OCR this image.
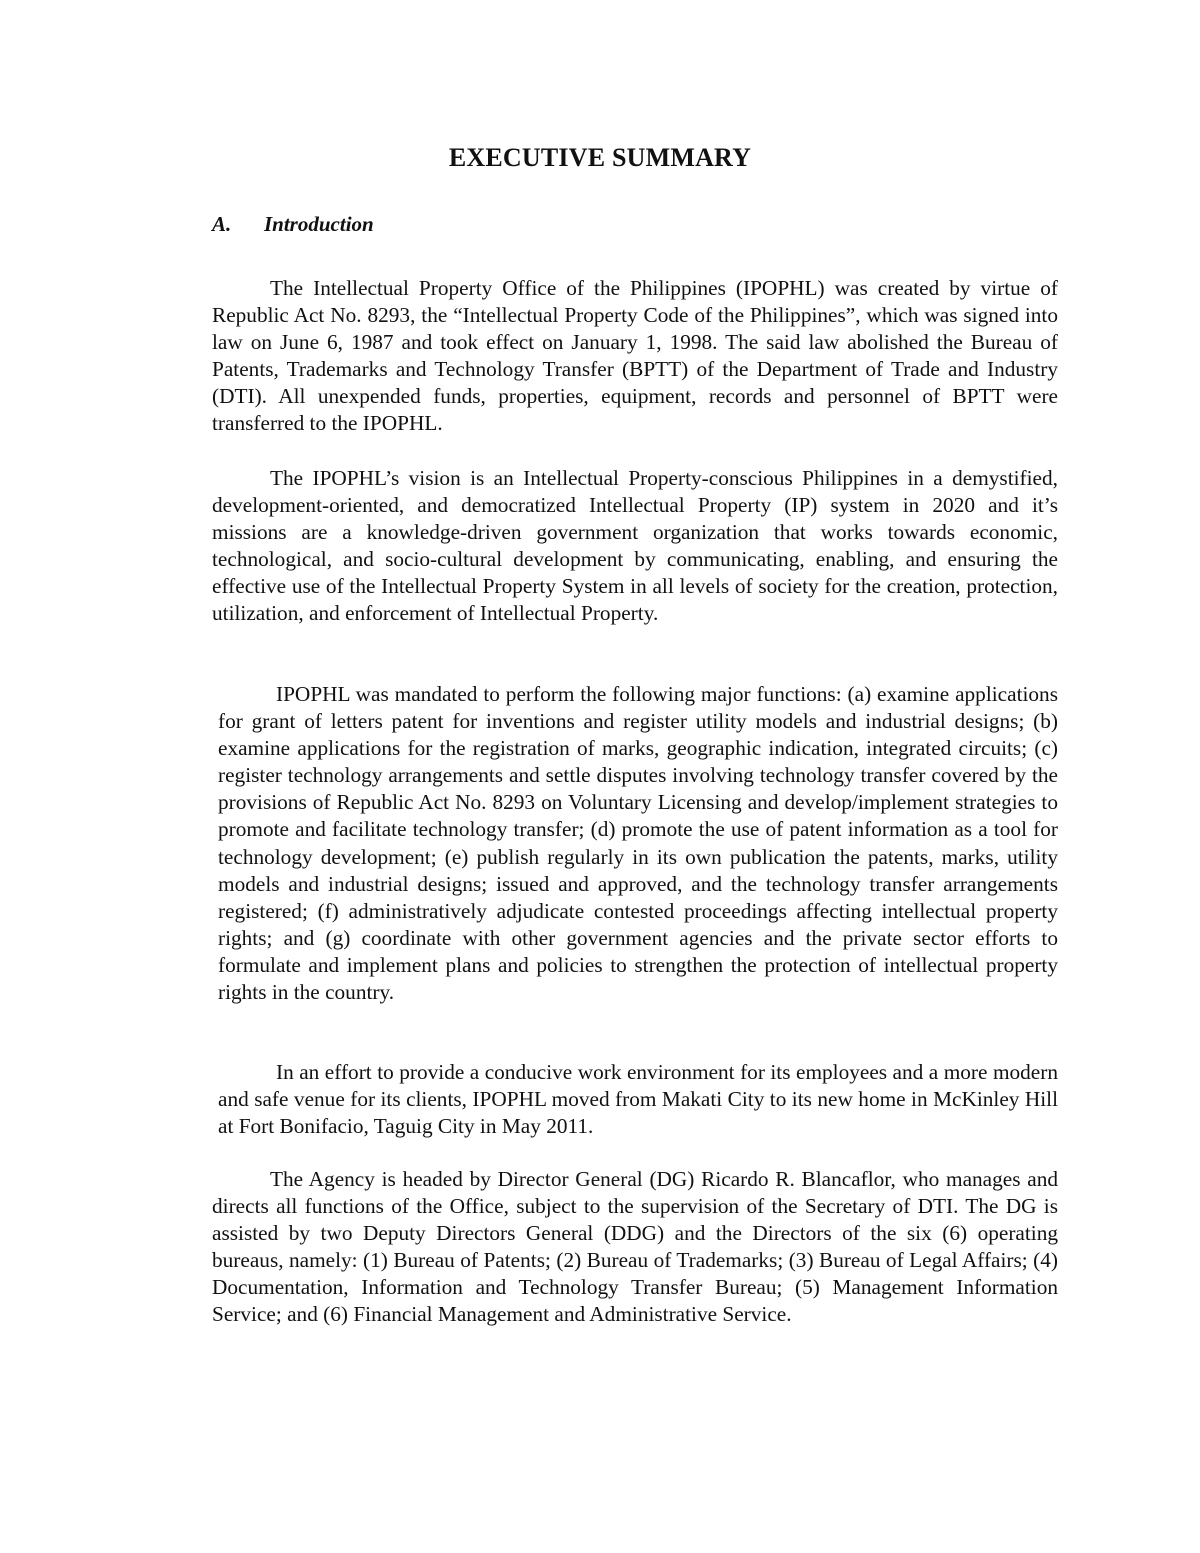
EXECUTIVE SUMMARY
A. Introduction

The Intellectual Property Office of the Philippines (IPOPHL) was created by virtue of Republic Act No. 8293, the “Intellectual Property Code of the Philippines”, which was signed into law on June 6, 1987 and took effect on January 1, 1998. The said law abolished the Bureau of Patents, Trademarks and Technology Transfer (BPTT) of the Department of Trade and Industry (DTI). All unexpended funds, properties, equipment, records and personnel of BPTT were transferred to the IPOPHL.

The IPOPHL’s vision is an Intellectual Property-conscious Philippines in a demystified, development-oriented, and democratized Intellectual Property (IP) system in 2020 and it’s missions are a knowledge-driven government organization that works towards economic, technological, and socio-cultural development by communicating, enabling, and ensuring the effective use of the Intellectual Property System in all levels of society for the creation, protection, utilization, and enforcement of Intellectual Property.

IPOPHL was mandated to perform the following major functions: (a) examine applications for grant of letters patent for inventions and register utility models and industrial designs; (b) examine applications for the registration of marks, geographic indication, integrated circuits; (c) register technology arrangements and settle disputes involving technology transfer covered by the provisions of Republic Act No. 8293 on Voluntary Licensing and develop/implement strategies to promote and facilitate technology transfer; (d) promote the use of patent information as a tool for technology development; (e) publish regularly in its own publication the patents, marks, utility models and industrial designs; issued and approved, and the technology transfer arrangements registered; (f) administratively adjudicate contested proceedings affecting intellectual property rights; and (g) coordinate with other government agencies and the private sector efforts to formulate and implement plans and policies to strengthen the protection of intellectual property rights in the country.

In an effort to provide a conducive work environment for its employees and a more modern and safe venue for its clients, IPOPHL moved from Makati City to its new home in McKinley Hill at Fort Bonifacio, Taguig City in May 2011.

The Agency is headed by Director General (DG) Ricardo R. Blancaflor, who manages and directs all functions of the Office, subject to the supervision of the Secretary of DTI. The DG is assisted by two Deputy Directors General (DDG) and the Directors of the six (6) operating bureaus, namely: (1) Bureau of Patents; (2) Bureau of Trademarks; (3) Bureau of Legal Affairs; (4) Documentation, Information and Technology Transfer Bureau; (5) Management Information Service; and (6) Financial Management and Administrative Service.
